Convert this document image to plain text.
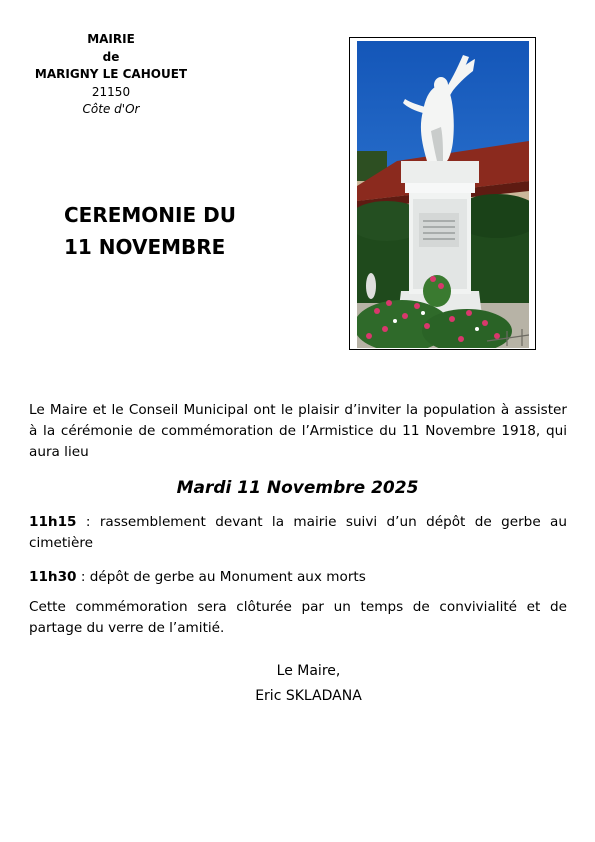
MAIRIE
de
MARIGNY LE CAHOUET
21150
Côte d'Or
CEREMONIE DU
11 NOVEMBRE
Le Maire et le Conseil Municipal ont le plaisir d’inviter la population à assister à la cérémonie de commémoration de l’Armistice du 11 Novembre 1918, qui aura lieu
Mardi 11 Novembre 2025
11h15 : rassemblement devant la mairie suivi d’un dépôt de gerbe au cimetière
11h30 : dépôt de gerbe au Monument aux morts
Cette commémoration sera clôturée par un temps de convivialité et de partage du verre de l’amitié.
Le Maire,
Eric SKLADANA
